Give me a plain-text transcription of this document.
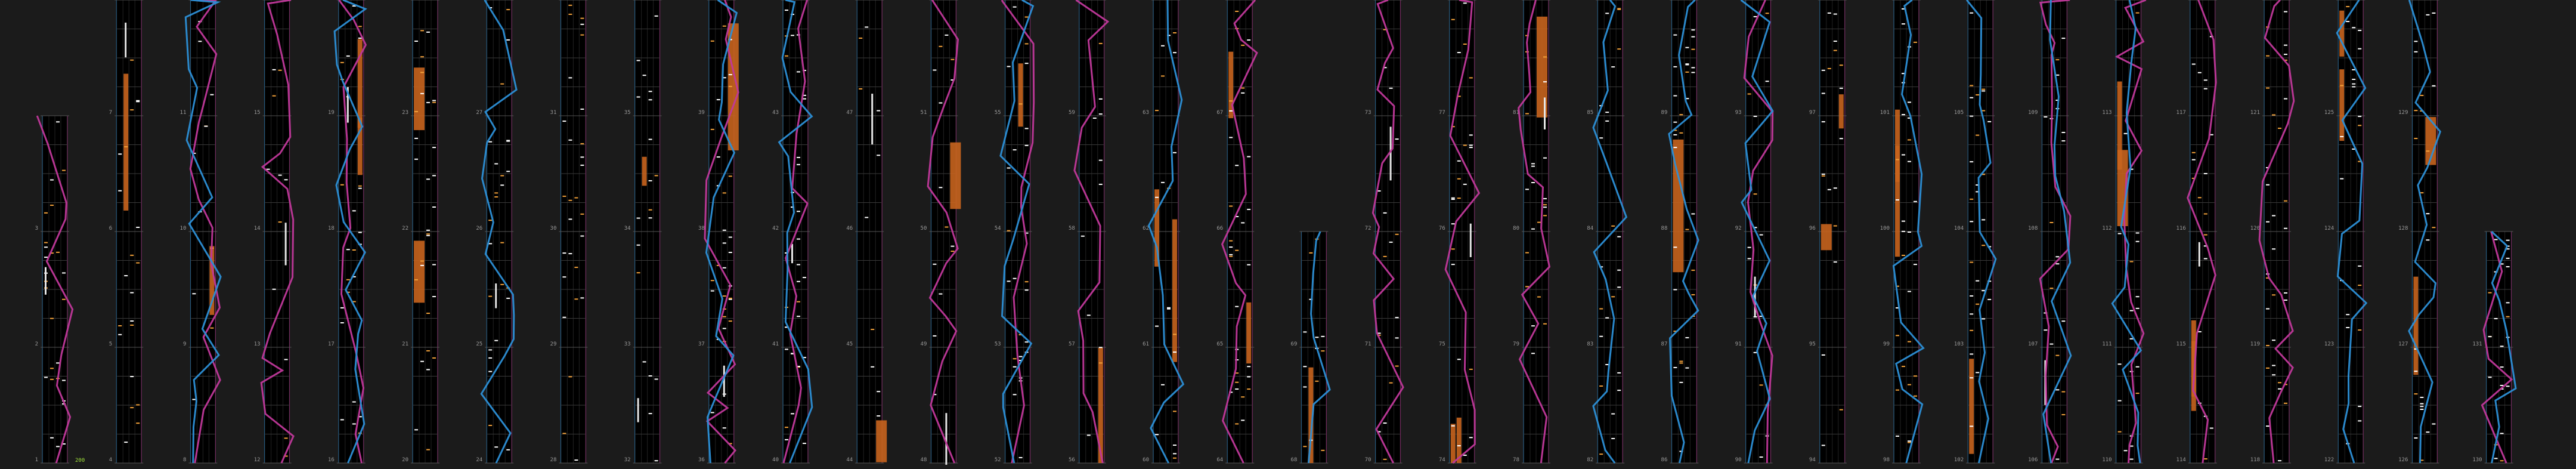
1
2
3
4
5
6
7
8
9
10
11
12
13
14
15
16
17
18
19
20
21
22
23
24
25
26
27
28
29
30
31
32
33
34
35
36
37
38
39
40
41
42
43
44
45
46
47
48
49
50
51
52
53
54
55
56
57
58
59
60
61
62
63
64
65
66
67
68
69
70
71
72
73
74
75
76
77
78
79
80
81
82
83
84
85
86
87
88
89
90
91
92
93
94
95
96
97
98
99
100
101
102
103
104
105
106
107
108
109
110
111
112
113
114
115
116
117
118
119
120
121
122
123
124
125
126
127
128
129
130
131
200
